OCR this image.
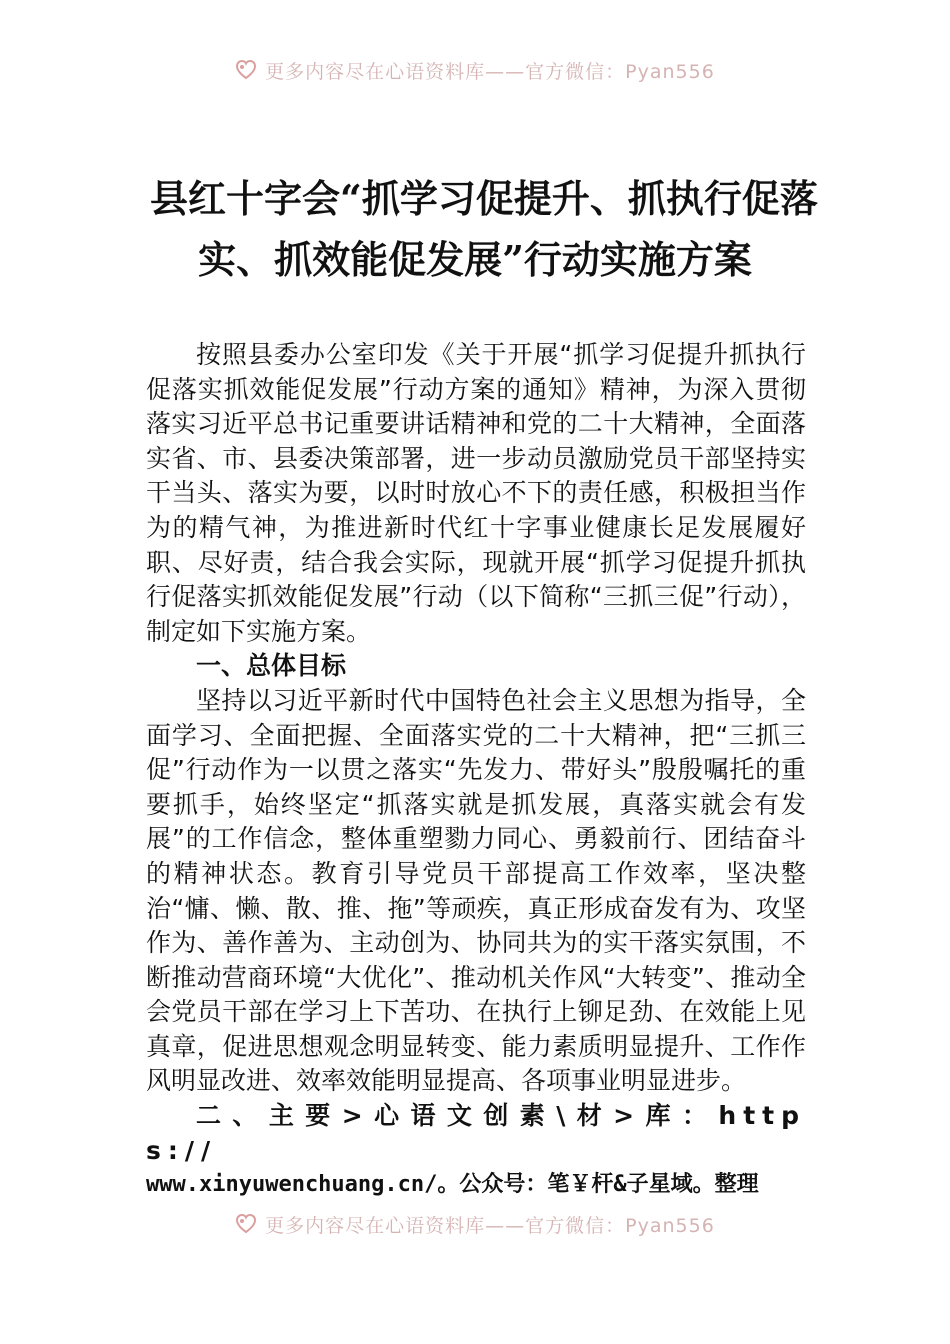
更多内容尽在心语资料库——官方微信：Pyan556
县红十字会“抓学习促提升、抓执行促落
实、抓效能促发展”行动实施方案

按照县委办公室印发《关于开展“抓学习促提升抓执行促落实抓效能促发展”行动方案的通知》精神，为深入贯彻落实习近平总书记重要讲话精神和党的二十大精神，全面落实省、市、县委决策部署，进一步动员激励党员干部坚持实干当头、落实为要，以时时放心不下的责任感，积极担当作为的精气神，为推进新时代红十字事业健康长足发展履好职、尽好责，结合我会实际，现就开展“抓学习促提升抓执行促落实抓效能促发展”行动（以下简称“三抓三促”行动），制定如下实施方案。

一、总体目标

坚持以习近平新时代中国特色社会主义思想为指导，全面学习、全面把握、全面落实党的二十大精神，把“三抓三促”行动作为一以贯之落实“先发力、带好头”殷殷嘱托的重要抓手，始终坚定“抓落实就是抓发展，真落实就会有发展”的工作信念，整体重塑勠力同心、勇毅前行、团结奋斗的精神状态。教育引导党员干部提高工作效率，坚决整治“慵、懒、散、推、拖”等顽疾，真正形成奋发有为、攻坚作为、善作善为、主动创为、协同共为的实干落实氛围，不断推动营商环境“大优化”、推动机关作风“大转变”、推动全会党员干部在学习上下苦功、在执行上铆足劲、在效能上见真章，促进思想观念明显转变、能力素质明显提升、工作作风明显改进、效率效能明显提高、各项事业明显进步。

二、主要>心语文创素\材>库：https://

www.xinyuwenchuang.cn/。公众号：笔￥杆&子星域。整理

更多内容尽在心语资料库——官方微信：Pyan556
